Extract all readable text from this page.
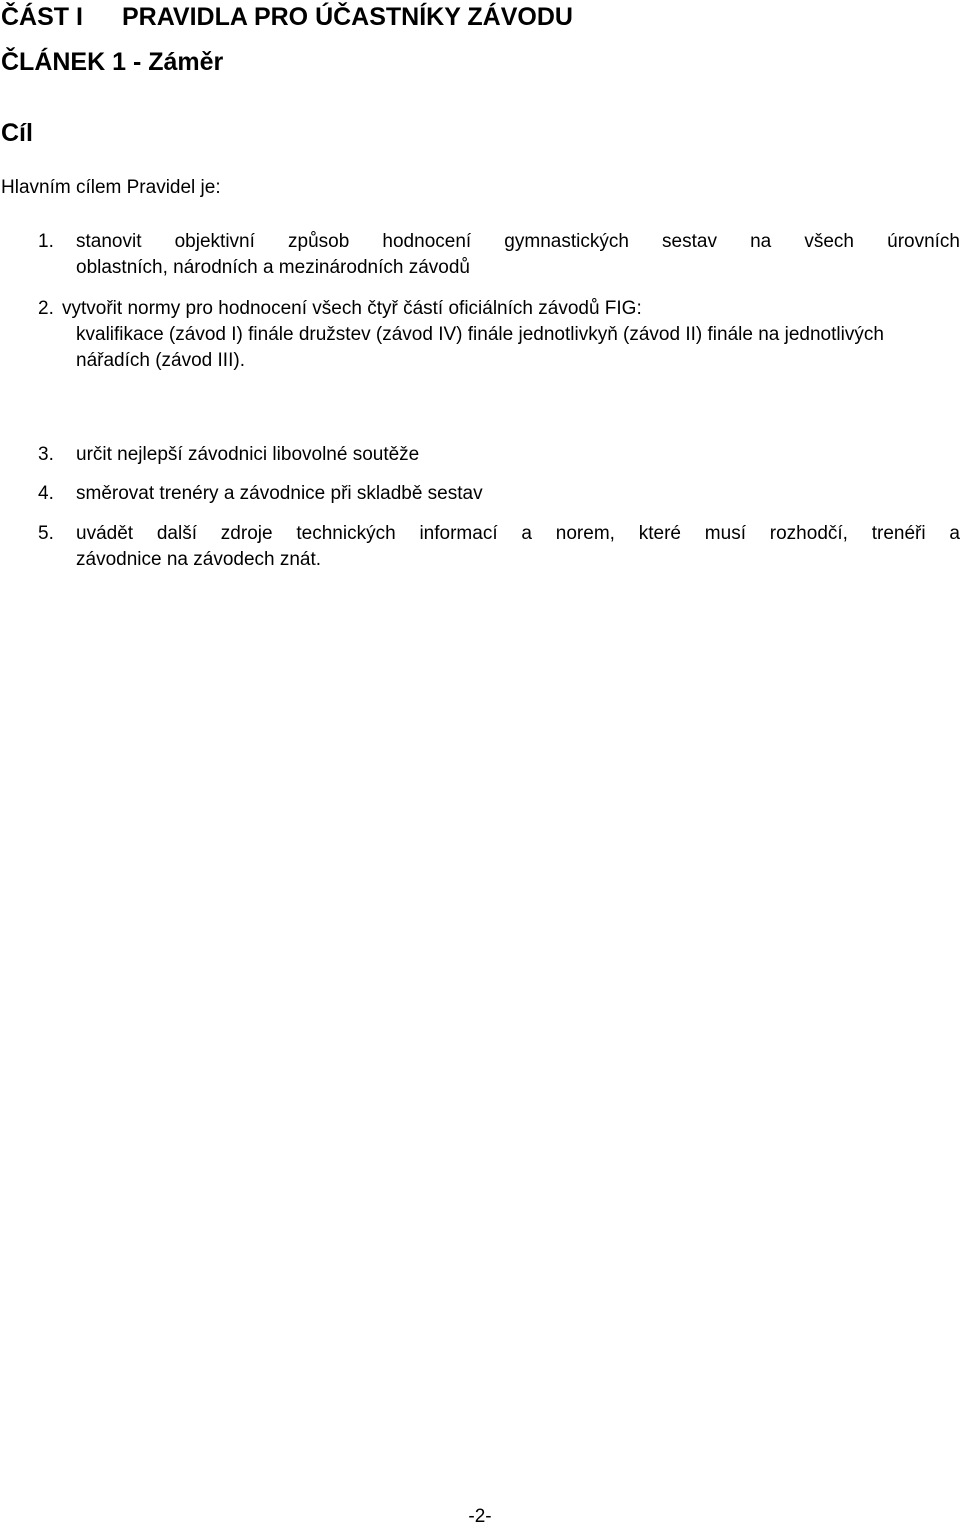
ČÁST I PRAVIDLA PRO ÚČASTNÍKY ZÁVODU
ČLÁNEK 1 - Záměr
Cíl

Hlavním cílem Pravidel je:

1. stanovit objektivní způsob hodnocení gymnastických sestav na všech úrovních
oblastních, národních a mezinárodních závodů
2. vytvořit normy pro hodnocení všech čtyř částí oficiálních závodů FIG:
kvalifikace (závod I) finále družstev (závod IV) finále jednotlivkyň (závod II) finále na jednotlivých nářadích (závod III).
3. určit nejlepší závodnici libovolné soutěže
4. směrovat trenéry a závodnice při skladbě sestav
5. uvádět další zdroje technických informací a norem, které musí rozhodčí, trenéři a
závodnice na závodech znát.

-2-
